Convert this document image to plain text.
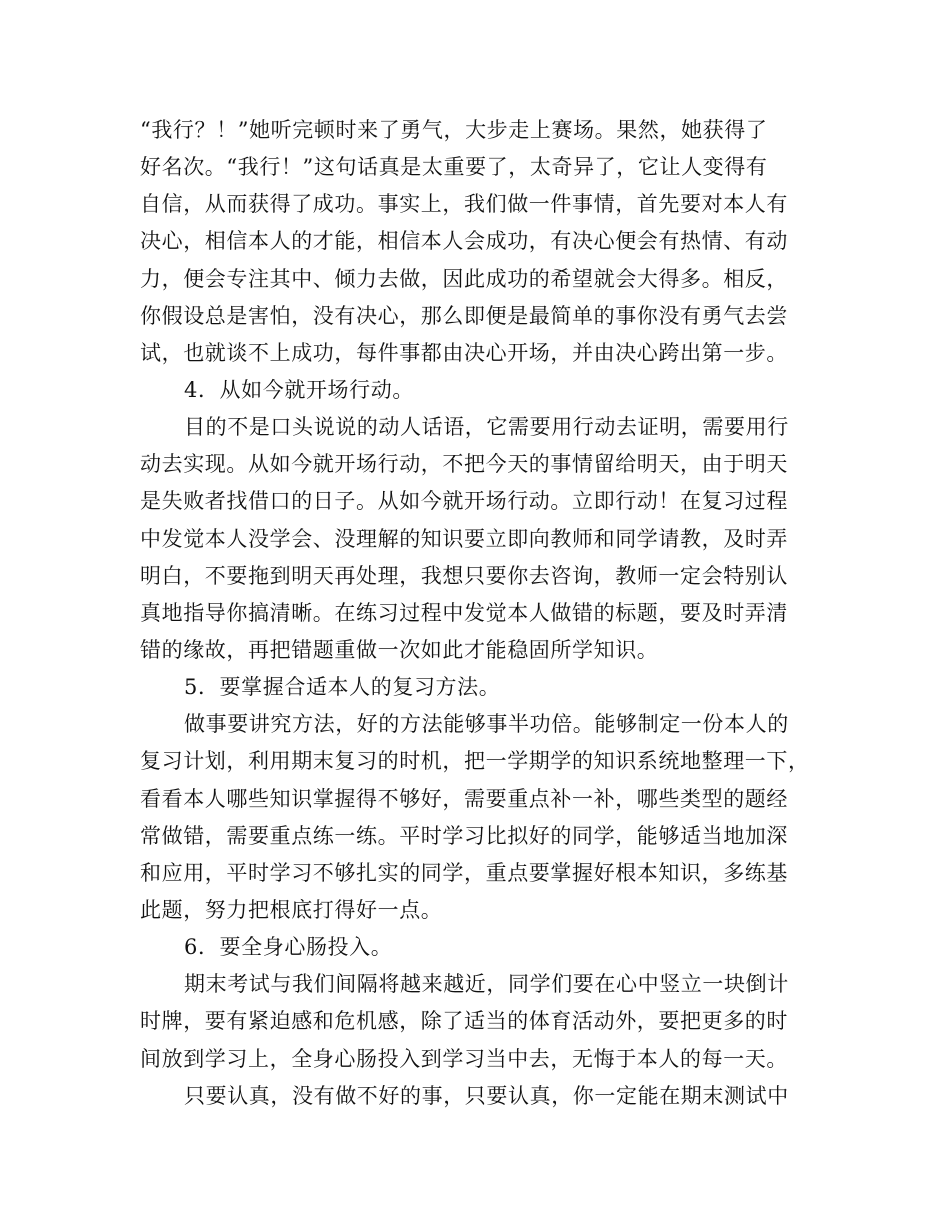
“我行？！”她听完顿时来了勇气，大步走上赛场。果然，她获得了
好名次。“我行！”这句话真是太重要了，太奇异了，它让人变得有
自信，从而获得了成功。事实上，我们做一件事情，首先要对本人有
决心，相信本人的才能，相信本人会成功，有决心便会有热情、有动
力，便会专注其中、倾力去做，因此成功的希望就会大得多。相反，
你假设总是害怕，没有决心，那么即便是最简单的事你没有勇气去尝
试，也就谈不上成功，每件事都由决心开场，并由决心跨出第一步。
4．从如今就开场行动。
目的不是口头说说的动人话语，它需要用行动去证明，需要用行
动去实现。从如今就开场行动，不把今天的事情留给明天，由于明天
是失败者找借口的日子。从如今就开场行动。立即行动！在复习过程
中发觉本人没学会、没理解的知识要立即向教师和同学请教，及时弄
明白，不要拖到明天再处理，我想只要你去咨询，教师一定会特别认
真地指导你搞清晰。在练习过程中发觉本人做错的标题，要及时弄清
错的缘故，再把错题重做一次如此才能稳固所学知识。
5．要掌握合适本人的复习方法。
做事要讲究方法，好的方法能够事半功倍。能够制定一份本人的
复习计划，利用期末复习的时机，把一学期学的知识系统地整理一下，
看看本人哪些知识掌握得不够好，需要重点补一补，哪些类型的题经
常做错，需要重点练一练。平时学习比拟好的同学，能够适当地加深
和应用，平时学习不够扎实的同学，重点要掌握好根本知识，多练基
此题，努力把根底打得好一点。
6．要全身心肠投入。
期末考试与我们间隔将越来越近，同学们要在心中竖立一块倒计
时牌，要有紧迫感和危机感，除了适当的体育活动外，要把更多的时
间放到学习上，全身心肠投入到学习当中去，无悔于本人的每一天。
只要认真，没有做不好的事，只要认真，你一定能在期末测试中
